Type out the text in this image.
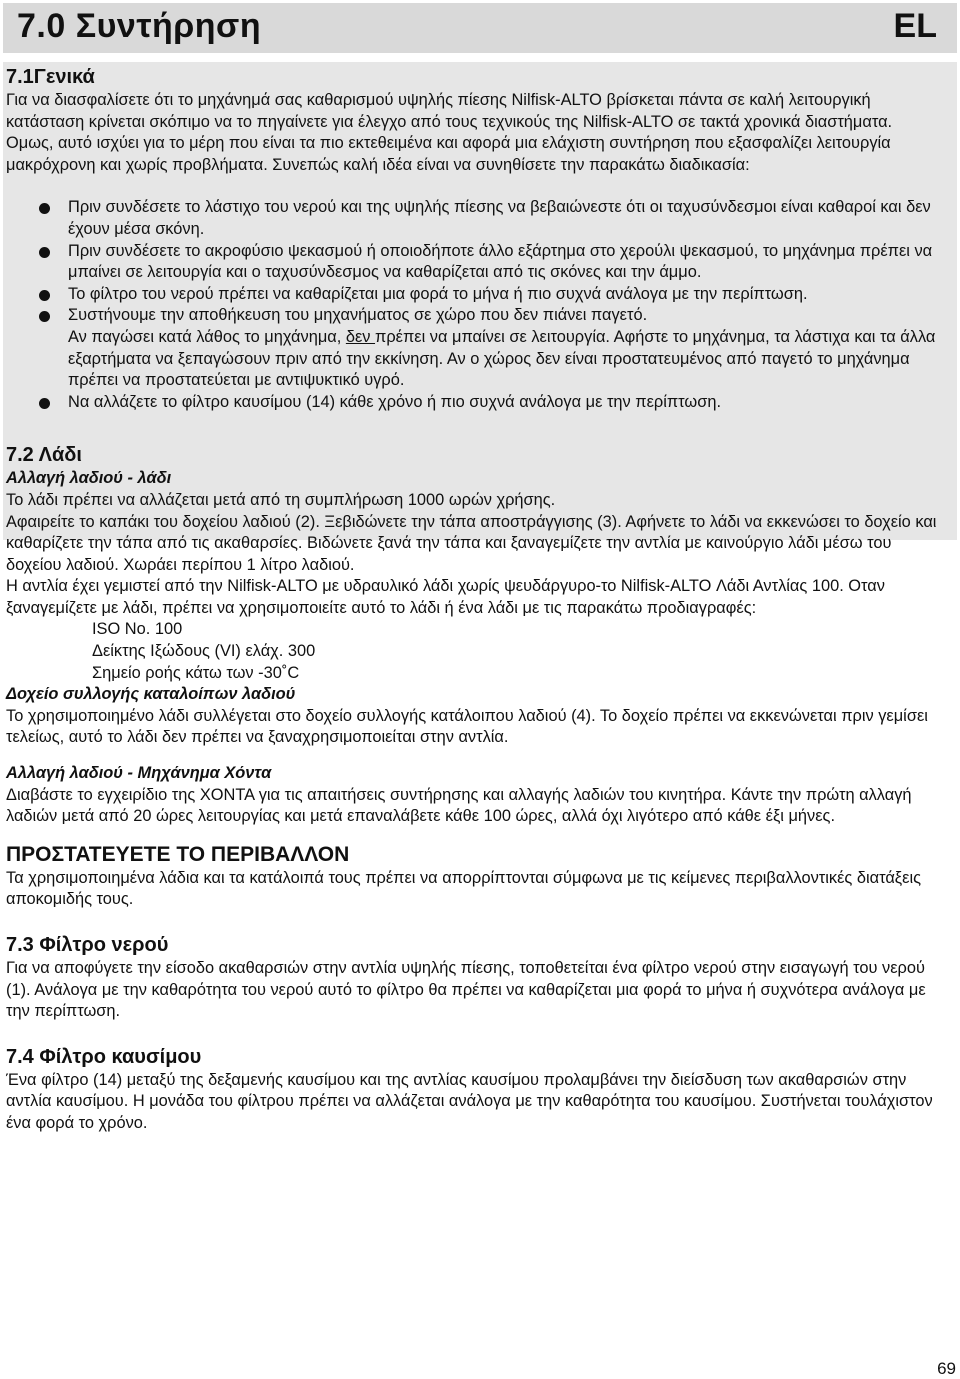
7.0 Συντήρηση	EL
7.1Γενικά

Για να διασφαλίσετε ότι το μηχάνημά σας καθαρισμού υψηλής πίεσης Nilfisk-ALTO βρίσκεται πάντα σε καλή λειτουργική κατάσταση κρίνεται σκόπιμο να το πηγαίνετε για έλεγχο από τους τεχνικούς της Nilfisk-ALTO σε τακτά χρονικά διαστήματα.

Ομως, αυτό ισχύει για το μέρη που είναι τα πιο εκτεθειμένα και αφορά μια ελάχιστη συντήρηση που εξασφαλίζει λειτουργία μακρόχρονη και χωρίς προβλήματα. Συνεπώς καλή ιδέα είναι να συνηθίσετε την παρακάτω διαδικασία:

Πριν συνδέσετε το λάστιχο του νερού και της υψηλής πίεσης να βεβαιώνεστε ότι οι ταχυσύνδεσμοι είναι καθαροί και δεν έχουν μέσα σκόνη.
Πριν συνδέσετε το ακροφύσιο ψεκασμού ή οποιοδήποτε άλλο εξάρτημα στο χερούλι ψεκασμού, το μηχάνημα πρέπει να μπαίνει σε λειτουργία και ο ταχυσύνδεσμος να καθαρίζεται από τις σκόνες και την άμμο.
Το φίλτρο του νερού πρέπει να καθαρίζεται μια φορά το μήνα ή πιο συχνά ανάλογα με την περίπτωση.
Συστήνουμε την αποθήκευση του μηχανήματος σε χώρο που δεν πιάνει παγετό.
Αν παγώσει κατά λάθος το μηχάνημα, δεν πρέπει να μπαίνει σε λειτουργία. Αφήστε το μηχάνημα, τα λάστιχα και τα άλλα εξαρτήματα να ξεπαγώσουν πριν από την εκκίνηση. Αν ο χώρος δεν είναι προστατευμένος από παγετό το μηχάνημα πρέπει να προστατεύεται με αντιψυκτικό υγρό.
Να αλλάζετε το φίλτρο καυσίμου (14) κάθε χρόνο ή πιο συχνά ανάλογα με την περίπτωση.
7.2 Λάδι
Αλλαγή λαδιού - λάδι

Το λάδι πρέπει να αλλάζεται μετά από τη συμπλήρωση 1000 ωρών χρήσης.

Αφαιρείτε το καπάκι του δοχείου λαδιού (2). Ξεβιδώνετε την τάπα αποστράγγισης (3). Αφήνετε το λάδι να εκκενώσει το δοχείο και καθαρίζετε την τάπα από τις ακαθαρσίες. Βιδώνετε ξανά την τάπα και ξαναγεμίζετε την αντλία με καινούργιο λάδι μέσω του δοχείου λαδιού. Χωράει περίπου 1 λίτρο λαδιού.

Η αντλία έχει γεμιστεί από την Nilfisk-ALTO με υδραυλικό λάδι χωρίς ψευδάργυρο-το Nilfisk-ALTO Λάδι Αντλίας 100. Οταν ξαναγεμίζετε με λάδι, πρέπει να χρησιμοποιείτε αυτό το λάδι ή ένα λάδι με τις παρακάτω προδιαγραφές:

ISO No. 100

Δείκτης Ιξώδους (VI) ελάχ. 300

Σημείο ροής κάτω των -30˚C

Δοχείο συλλογής καταλοίπων λαδιού

Το χρησιμοποιημένο λάδι συλλέγεται στο δοχείο συλλογής κατάλοιπου λαδιού (4). Το δοχείο πρέπει να εκκενώνεται πριν γεμίσει τελείως, αυτό το λάδι δεν πρέπει να ξαναχρησιμοποιείται στην αντλία.

Αλλαγή λαδιού - Μηχάνημα Χόντα

Διαβάστε το εγχειρίδιο της ΧΟΝΤΑ για τις απαιτήσεις συντήρησης και αλλαγής λαδιών του κινητήρα. Κάντε την πρώτη αλλαγή λαδιών μετά από 20 ώρες λειτουργίας και μετά επαναλάβετε κάθε 100 ώρες, αλλά όχι λιγότερο από κάθε έξι μήνες.

ΠΡΟΣΤΑΤΕΥΕΤΕ ΤΟ ΠΕΡΙΒΑΛΛΟΝ

Τα χρησιμοποιημένα λάδια και τα κατάλοιπά τους πρέπει να απορρίπτονται σύμφωνα με τις κείμενες περιβαλλοντικές διατάξεις αποκομιδής τους.

7.3 Φίλτρο νερού

Για να αποφύγετε την είσοδο ακαθαρσιών στην αντλία υψηλής πίεσης, τοποθετείται ένα φίλτρο νερού στην εισαγωγή του νερού (1). Ανάλογα με την καθαρότητα του νερού αυτό το φίλτρο θα πρέπει να καθαρίζεται μια φορά το μήνα ή συχνότερα ανάλογα με την περίπτωση.

7.4 Φίλτρο καυσίμου

Ένα φίλτρο (14) μεταξύ της δεξαμενής καυσίμου και της αντλίας καυσίμου προλαμβάνει την διείσδυση των ακαθαρσιών στην αντλία καυσίμου. Η μονάδα του φίλτρου πρέπει να αλλάζεται ανάλογα με την καθαρότητα του καυσίμου. Συστήνεται τουλάχιστον ένα φορά το χρόνο.

69
